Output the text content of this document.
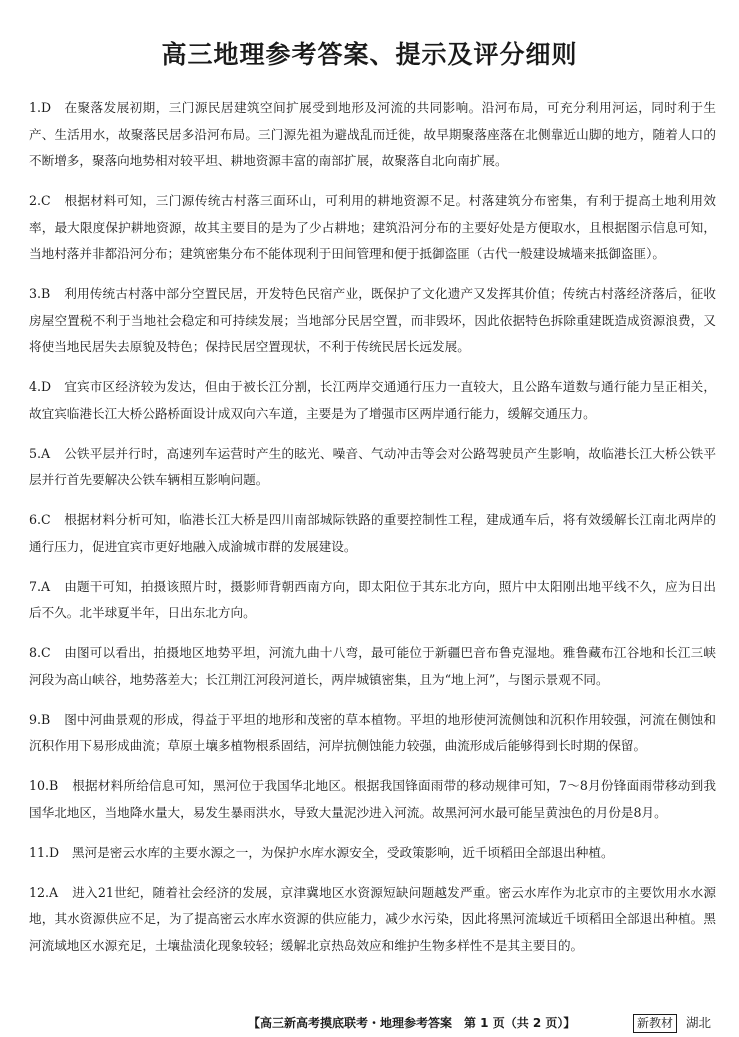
高三地理参考答案、提示及评分细则
1.D 在聚落发展初期，三门源民居建筑空间扩展受到地形及河流的共同影响。沿河布局，可充分利用河运，同时利于生产、生活用水，故聚落民居多沿河布局。三门源先祖为避战乱而迁徙，故早期聚落座落在北侧靠近山脚的地方，随着人口的不断增多，聚落向地势相对较平坦、耕地资源丰富的南部扩展，故聚落自北向南扩展。
2.C 根据材料可知，三门源传统古村落三面环山，可利用的耕地资源不足。村落建筑分布密集，有利于提高土地利用效率，最大限度保护耕地资源，故其主要目的是为了少占耕地；建筑沿河分布的主要好处是方便取水，且根据图示信息可知，当地村落并非都沿河分布；建筑密集分布不能体现利于田间管理和便于抵御盗匪（古代一般建设城墙来抵御盗匪）。
3.B 利用传统古村落中部分空置民居，开发特色民宿产业，既保护了文化遗产又发挥其价值；传统古村落经济落后，征收房屋空置税不利于当地社会稳定和可持续发展；当地部分民居空置，而非毁坏，因此依据特色拆除重建既造成资源浪费，又将使当地民居失去原貌及特色；保持民居空置现状，不利于传统民居长远发展。
4.D 宜宾市区经济较为发达，但由于被长江分割，长江两岸交通通行压力一直较大，且公路车道数与通行能力呈正相关，故宜宾临港长江大桥公路桥面设计成双向六车道，主要是为了增强市区两岸通行能力，缓解交通压力。
5.A 公铁平层并行时，高速列车运营时产生的眩光、噪音、气动冲击等会对公路驾驶员产生影响，故临港长江大桥公铁平层并行首先要解决公铁车辆相互影响问题。
6.C 根据材料分析可知，临港长江大桥是四川南部城际铁路的重要控制性工程，建成通车后，将有效缓解长江南北两岸的通行压力，促进宜宾市更好地融入成渝城市群的发展建设。
7.A 由题干可知，拍摄该照片时，摄影师背朝西南方向，即太阳位于其东北方向，照片中太阳刚出地平线不久，应为日出后不久。北半球夏半年，日出东北方向。
8.C 由图可以看出，拍摄地区地势平坦，河流九曲十八弯，最可能位于新疆巴音布鲁克湿地。雅鲁藏布江谷地和长江三峡河段为高山峡谷，地势落差大；长江荆江河段河道长，两岸城镇密集，且为“地上河”，与图示景观不同。
9.B 图中河曲景观的形成，得益于平坦的地形和茂密的草本植物。平坦的地形使河流侧蚀和沉积作用较强，河流在侧蚀和沉积作用下易形成曲流；草原土壤多植物根系固结，河岸抗侧蚀能力较强，曲流形成后能够得到长时期的保留。
10.B 根据材料所给信息可知，黑河位于我国华北地区。根据我国锋面雨带的移动规律可知，7～8月份锋面雨带移动到我国华北地区，当地降水量大，易发生暴雨洪水，导致大量泥沙进入河流。故黑河河水最可能呈黄浊色的月份是8月。
11.D 黑河是密云水库的主要水源之一，为保护水库水源安全，受政策影响，近千顷稻田全部退出种植。
12.A 进入21世纪，随着社会经济的发展，京津冀地区水资源短缺问题越发严重。密云水库作为北京市的主要饮用水水源地，其水资源供应不足，为了提高密云水库水资源的供应能力，减少水污染，因此将黑河流域近千顷稻田全部退出种植。黑河流域地区水源充足，土壤盐渍化现象较轻；缓解北京热岛效应和维护生物多样性不是其主要目的。
【高三新高考摸底联考・地理参考答案　第 1 页（共 2 页）】	新教材	湖北
